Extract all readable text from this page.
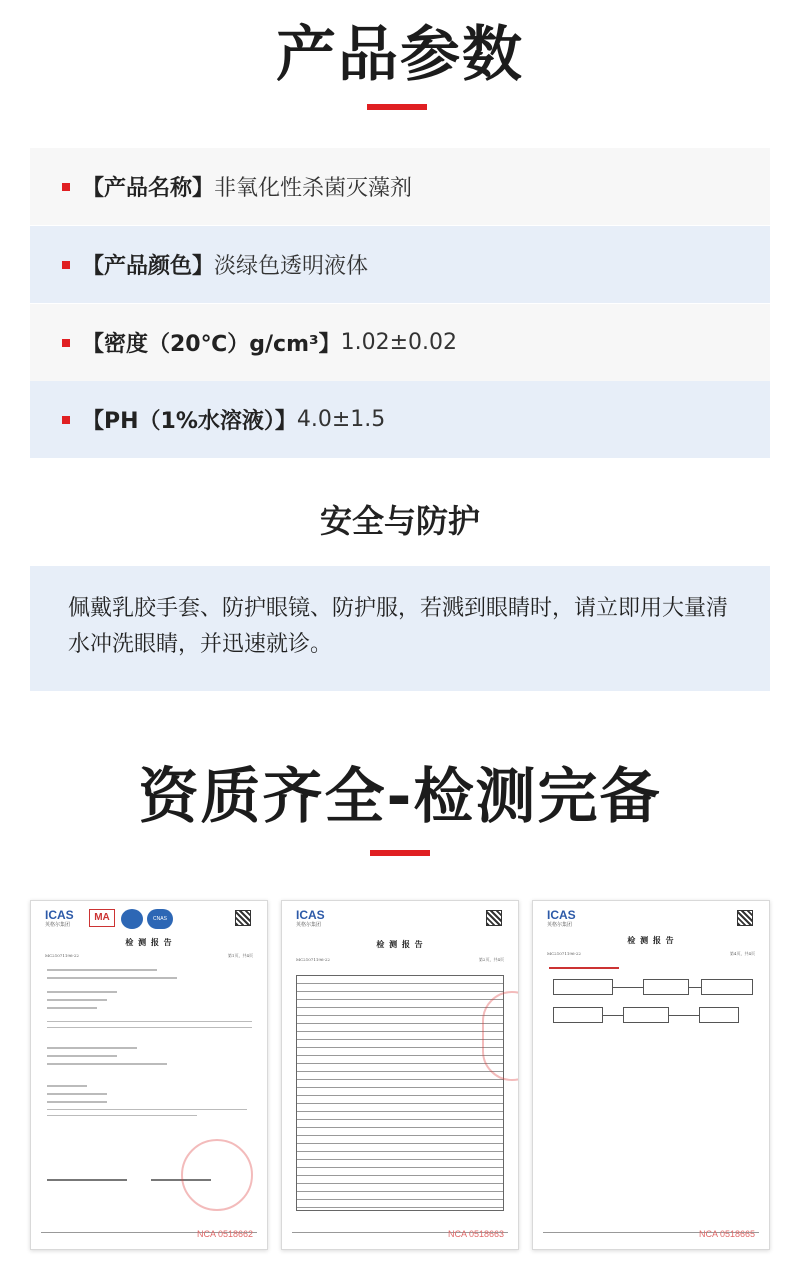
产品参数
【产品名称】 非氧化性杀菌灭藻剂
【产品颜色】 淡绿色透明液体
【密度（20℃）g/cm³】 1.02±0.02
【PH（1%水溶液）】 4.0±1.5
安全与防护
佩戴乳胶手套、防护眼镜、防护服，若溅到眼睛时，请立即用大量清水冲洗眼睛，并迅速就诊。
资质齐全-检测完备
ICAS
英格尔集团
MA	CNAS
检 测 报 告
MC21071196-22	第1页，共4页
NCA 0518662
ICAS
英格尔集团
检 测 报 告
MC21071196-22	第2页，共4页
NCA 0518663
ICAS
英格尔集团
检 测 报 告
MC21071196-22	第4页，共4页
NCA 0518665
